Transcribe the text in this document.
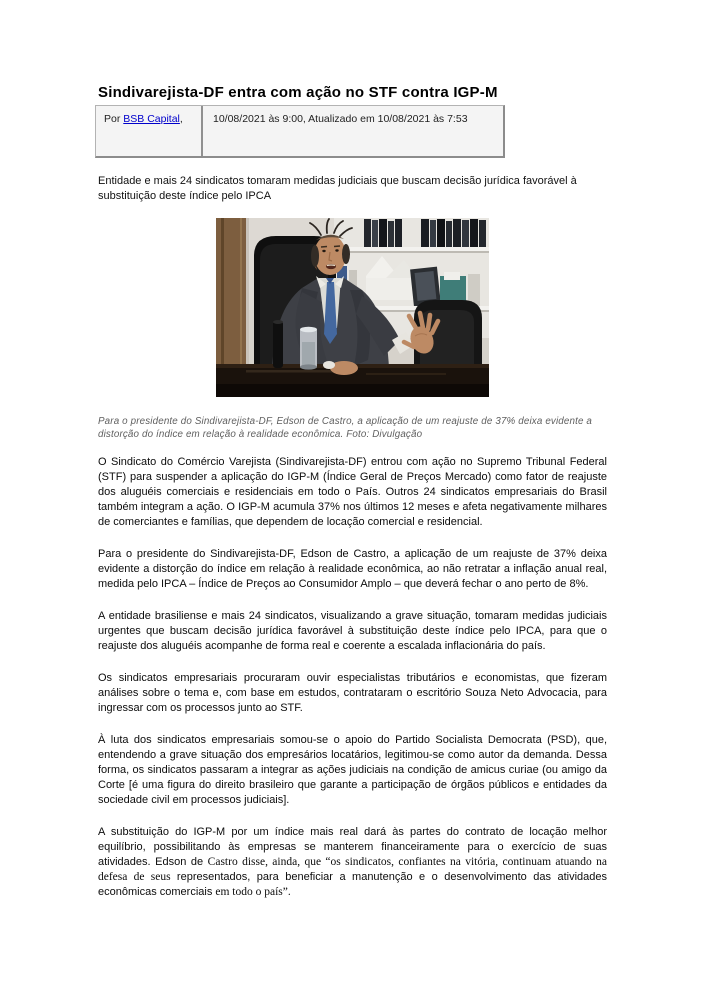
Sindivarejista-DF entra com ação no STF contra IGP-M
Por BSB Capital,	10/08/2021 às 9:00, Atualizado em 10/08/2021 às 7:53

Entidade e mais 24 sindicatos tomaram medidas judiciais que buscam decisão jurídica favorável à substituição deste índice pelo IPCA

Para o presidente do Sindivarejista-DF, Edson de Castro, a aplicação de um reajuste de 37% deixa evidente a distorção do índice em relação à realidade econômica. Foto: Divulgação

O Sindicato do Comércio Varejista (Sindivarejista-DF) entrou com ação no Supremo Tribunal Federal (STF) para suspender a aplicação do IGP-M (Índice Geral de Preços Mercado) como fator de reajuste dos aluguéis comerciais e residenciais em todo o País. Outros 24 sindicatos empresariais do Brasil também integram a ação. O IGP-M acumula 37% nos últimos 12 meses e afeta negativamente milhares de comerciantes e famílias, que dependem de locação comercial e residencial.

Para o presidente do Sindivarejista-DF, Edson de Castro, a aplicação de um reajuste de 37% deixa evidente a distorção do índice em relação à realidade econômica, ao não retratar a inflação anual real, medida pelo IPCA – Índice de Preços ao Consumidor Amplo – que deverá fechar o ano perto de 8%.

A entidade brasiliense e mais 24 sindicatos, visualizando a grave situação, tomaram medidas judiciais urgentes que buscam decisão jurídica favorável à substituição deste índice pelo IPCA, para que o reajuste dos aluguéis acompanhe de forma real e coerente a escalada inflacionária do país.

Os sindicatos empresariais procuraram ouvir especialistas tributários e economistas, que fizeram análises sobre o tema e, com base em estudos, contrataram o escritório Souza Neto Advocacia, para ingressar com os processos junto ao STF.

À luta dos sindicatos empresariais somou-se o apoio do Partido Socialista Democrata (PSD), que, entendendo a grave situação dos empresários locatários, legitimou-se como autor da demanda. Dessa forma, os sindicatos passaram a integrar as ações judiciais na condição de amicus curiae (ou amigo da Corte [é uma figura do direito brasileiro que garante a participação de órgãos públicos e entidades da sociedade civil em processos judiciais].

A substituição do IGP-M por um índice mais real dará às partes do contrato de locação melhor equilíbrio, possibilitando às empresas se manterem financeiramente para o exercício de suas atividades. Edson de Castro disse, ainda, que “os sindicatos, confiantes na vitória, continuam atuando na defesa de seus representados, para beneficiar a manutenção e o desenvolvimento das atividades econômicas comerciais em todo o país”.
